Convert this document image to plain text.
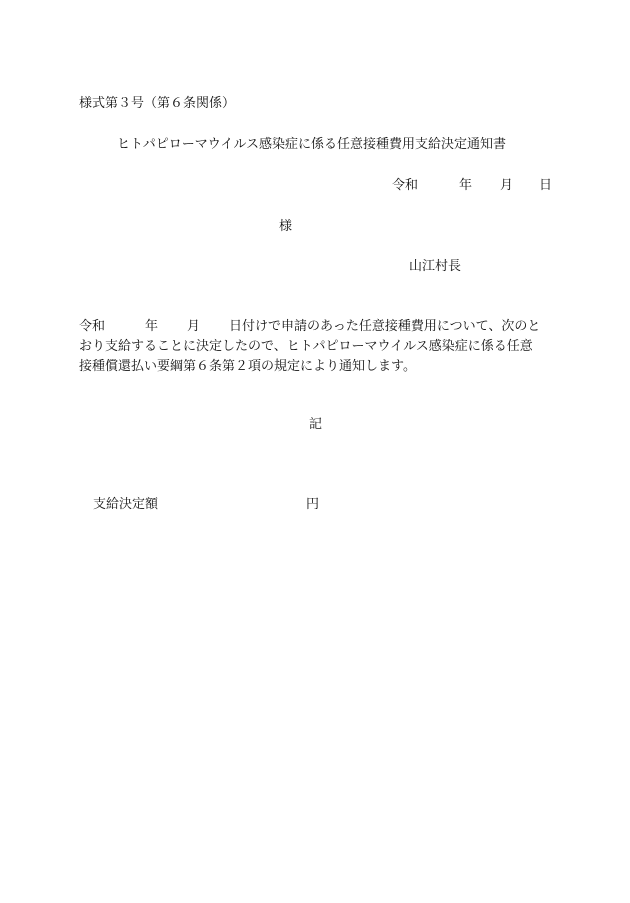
様式第３号（第６条関係）
ヒトパピローマウイルス感染症に係る任意接種費用支給決定通知書
令和	年 月 日
様
山江村長
令和	年 月 日付けで申請のあった任意接種費用について、次のと
おり支給することに決定したので、ヒトパピローマウイルス感染症に係る任意
接種償還払い要綱第６条第２項の規定により通知します。
記
支給決定額	円
